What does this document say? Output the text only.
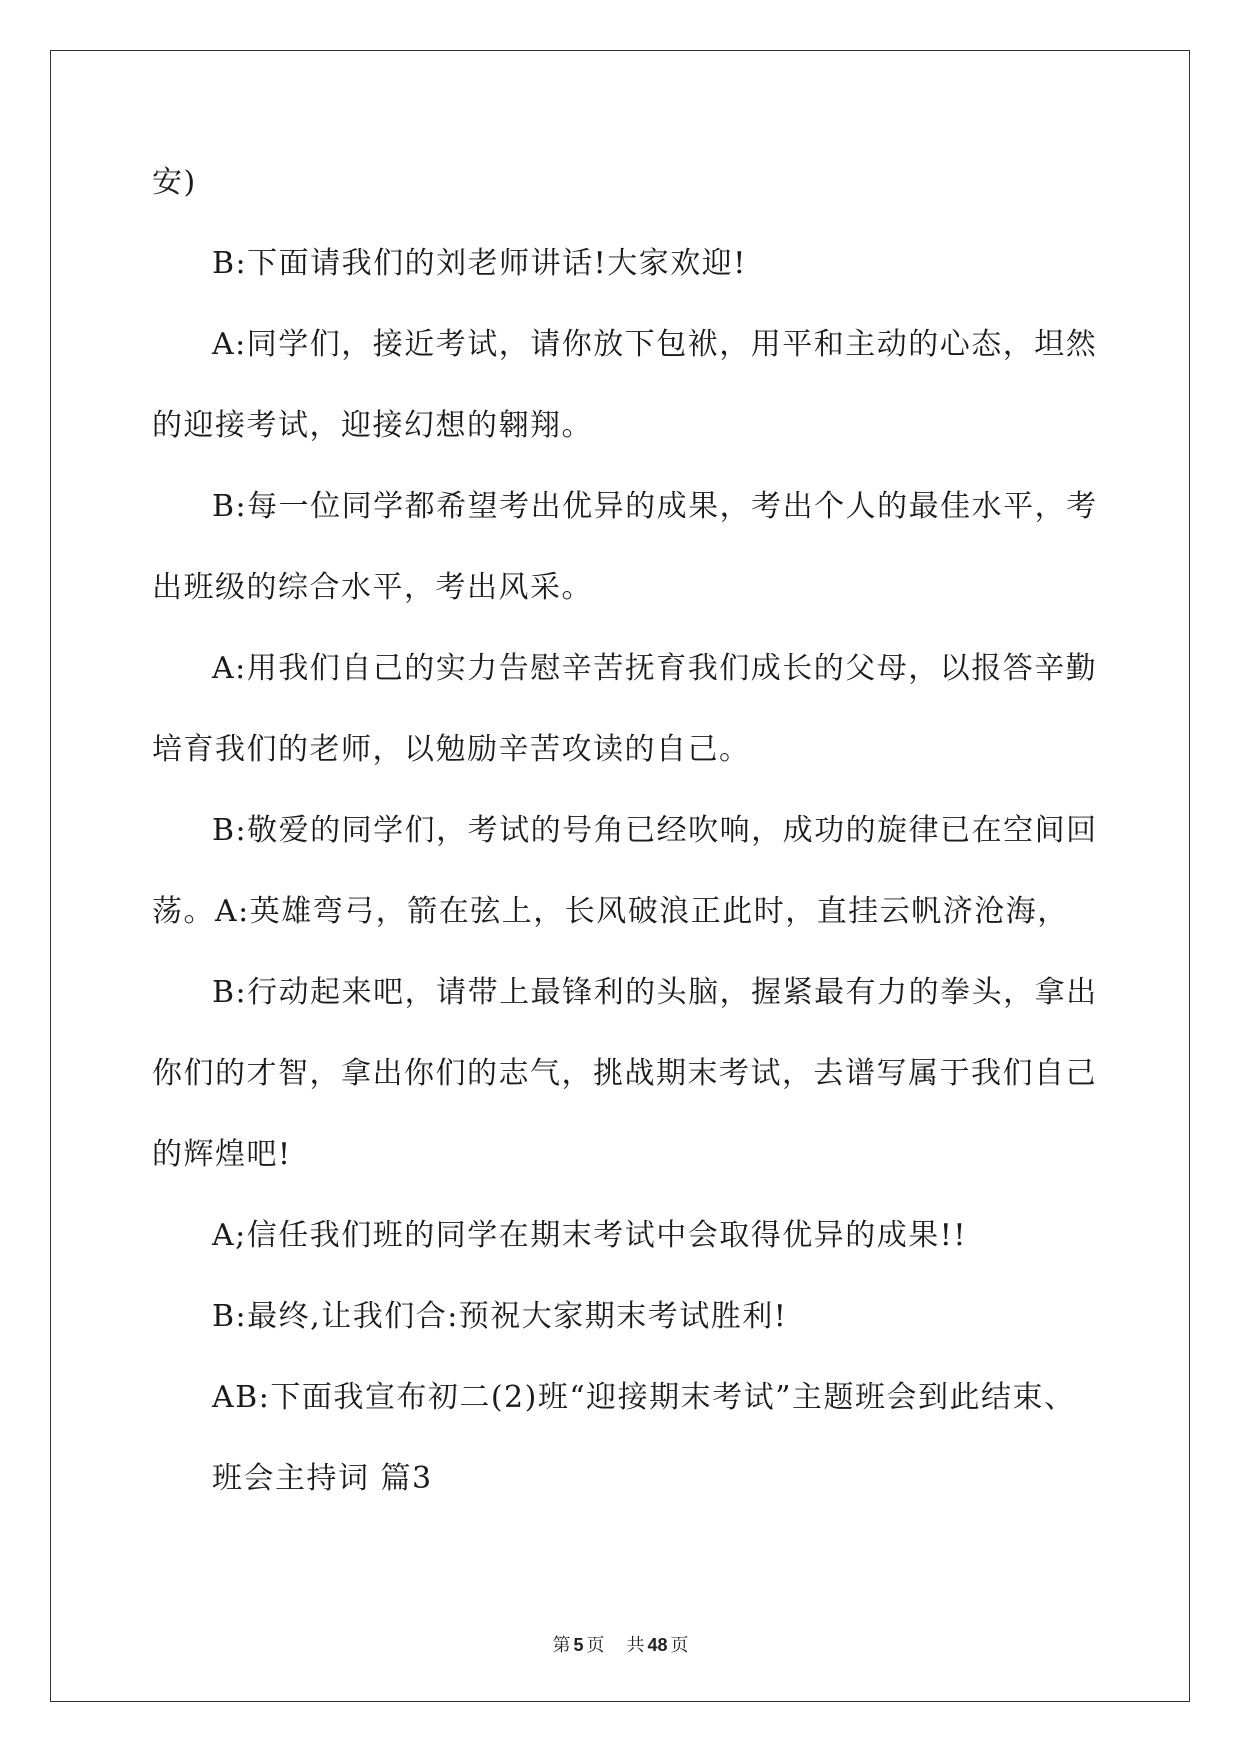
安)
B:下面请我们的刘老师讲话!大家欢迎!
A:同学们，接近考试，请你放下包袱，用平和主动的心态，坦然
的迎接考试，迎接幻想的翱翔。
B:每一位同学都希望考出优异的成果，考出个人的最佳水平，考
出班级的综合水平，考出风采。
A:用我们自己的实力告慰辛苦抚育我们成长的父母，以报答辛勤
培育我们的老师，以勉励辛苦攻读的自己。
B:敬爱的同学们，考试的号角已经吹响，成功的旋律已在空间回
荡。A:英雄弯弓，箭在弦上，长风破浪正此时，直挂云帆济沧海，
B:行动起来吧，请带上最锋利的头脑，握紧最有力的拳头，拿出
你们的才智，拿出你们的志气，挑战期末考试，去谱写属于我们自己
的辉煌吧!
A;信任我们班的同学在期末考试中会取得优异的成果!!
B:最终,让我们合:预祝大家期末考试胜利!
AB:下面我宣布初二(2)班“迎接期末考试”主题班会到此结束、
班会主持词 篇3
第 5 页 共 48 页
